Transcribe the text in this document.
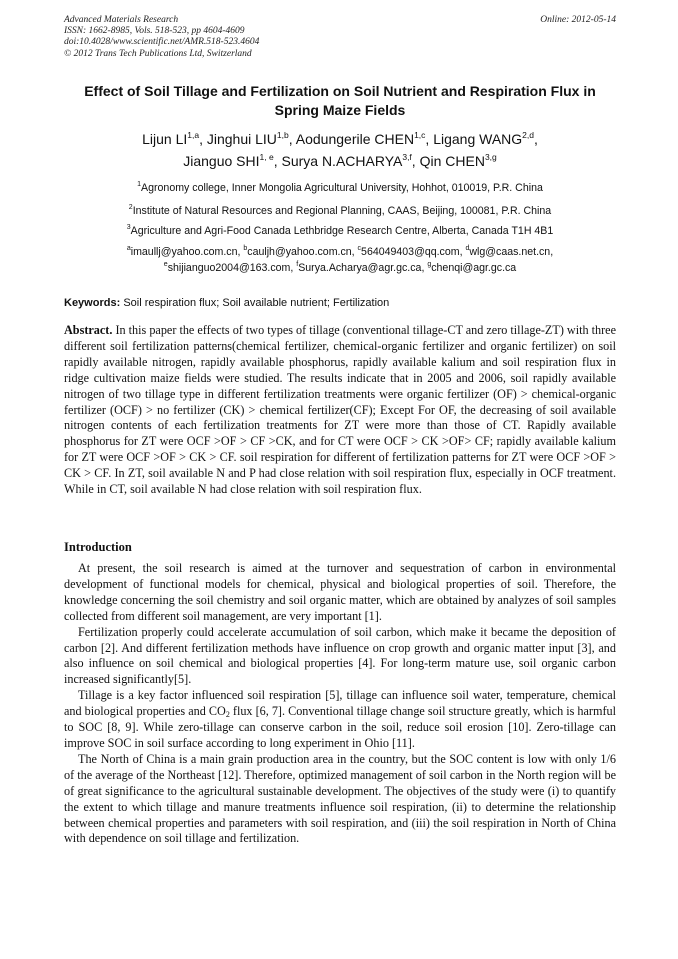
Advanced Materials Research
ISSN: 1662-8985, Vols. 518-523, pp 4604-4609
doi:10.4028/www.scientific.net/AMR.518-523.4604
© 2012 Trans Tech Publications Ltd, Switzerland
Online: 2012-05-14
Effect of Soil Tillage and Fertilization on Soil Nutrient and Respiration Flux in Spring Maize Fields
Lijun LI$^{1,a}$, Jinghui LIU$^{1,b}$, Aodungerile CHEN$^{1,c}$, Ligang WANG$^{2,d}$,
Jianguo SHI$^{1, e}$, Surya N.ACHARYA$^{3,f}$, Qin CHEN$^{3,g}$
$^1$Agronomy college, Inner Mongolia Agricultural University, Hohhot, 010019, P.R. China
$^2$Institute of Natural Resources and Regional Planning, CAAS, Beijing, 100081, P.R. China
$^3$Agriculture and Agri-Food Canada Lethbridge Research Centre, Alberta, Canada T1H 4B1
$^a$imaullj@yahoo.com.cn, $^b$cauljh@yahoo.com.cn, $^c$564049403@qq.com, $^d$wlg@caas.net.cn,
$^e$shijianguo2004@163.com, $^f$Surya.Acharya@agr.gc.ca, $^g$chenqi@agr.gc.ca
Keywords: Soil respiration flux; Soil available nutrient; Fertilization
Abstract. In this paper the effects of two types of tillage (conventional tillage-CT and zero tillage-ZT) with three different soil fertilization patterns(chemical fertilizer, chemical-organic fertilizer and organic fertilizer) on soil rapidly available nitrogen, rapidly available phosphorus, rapidly available kalium and soil respiration flux in ridge cultivation maize fields were studied. The results indicate that in 2005 and 2006, soil rapidly available nitrogen of two tillage type in different fertilization treatments were organic fertilizer (OF) > chemical-organic fertilizer (OCF) > no fertilizer (CK) > chemical fertilizer(CF); Except For OF, the decreasing of soil available nitrogen contents of each fertilization treatments for ZT were more than those of CT. Rapidly available phosphorus for ZT were OCF >OF > CF >CK, and for CT were OCF > CK >OF> CF; rapidly available kalium for ZT were OCF >OF > CK > CF. soil respiration for different of fertilization patterns for ZT were OCF >OF > CK > CF. In ZT, soil available N and P had close relation with soil respiration flux, especially in OCF treatment. While in CT, soil available N had close relation with soil respiration flux.
Introduction

At present, the soil research is aimed at the turnover and sequestration of carbon in environmental development of functional models for chemical, physical and biological properties of soil. Therefore, the knowledge concerning the soil chemistry and soil organic matter, which are obtained by analyzes of soil samples collected from different soil management, are very important [1].

Fertilization properly could accelerate accumulation of soil carbon, which make it became the deposition of carbon [2]. And different fertilization methods have influence on crop growth and organic matter input [3], and also influence on soil chemical and biological properties [4]. For long-term mature use, soil organic carbon increased significantly[5].

Tillage is a key factor influenced soil respiration [5], tillage can influence soil water, temperature, chemical and biological properties and $CO_2$ flux [6, 7]. Conventional tillage change soil structure greatly, which is harmful to SOC [8, 9]. While zero-tillage can conserve carbon in the soil, reduce soil erosion [10]. Zero-tillage can improve SOC in soil surface according to long experiment in Ohio [11].

The North of China is a main grain production area in the country, but the SOC content is low with only 1/6 of the average of the Northeast [12]. Therefore, optimized management of soil carbon in the North region will be of great significance to the agricultural sustainable development. The objectives of the study were (i) to quantify the extent to which tillage and manure treatments influence soil respiration, (ii) to determine the relationship between chemical properties and parameters with soil respiration, and (iii) the soil respiration in North of China with dependence on soil tillage and fertilization.
